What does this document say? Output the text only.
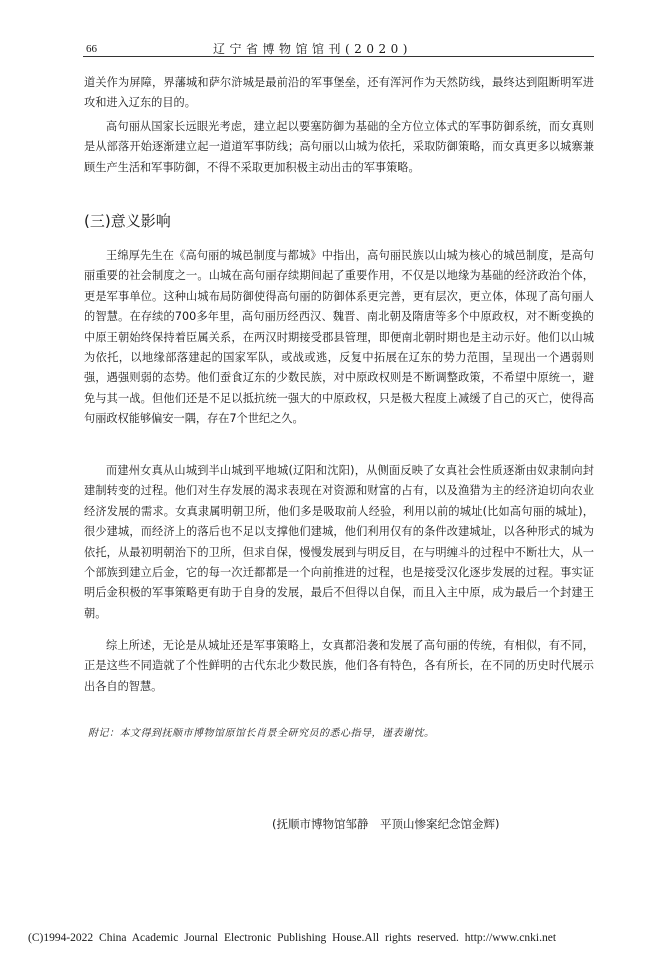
66	辽宁省博物馆馆刊(2020)

道关作为屏障，界藩城和萨尔浒城是最前沿的军事堡垒，还有浑河作为天然防线，最终达到阻断明军进攻和进入辽东的目的。

高句丽从国家长远眼光考虑，建立起以要塞防御为基础的全方位立体式的军事防御系统，而女真则是从部落开始逐渐建立起一道道军事防线；高句丽以山城为依托，采取防御策略，而女真更多以城寨兼顾生产生活和军事防御，不得不采取更加积极主动出击的军事策略。

(三)意义影响

王绵厚先生在《高句丽的城邑制度与都城》中指出，高句丽民族以山城为核心的城邑制度，是高句丽重要的社会制度之一。山城在高句丽存续期间起了重要作用，不仅是以地缘为基础的经济政治个体，更是军事单位。这种山城布局防御使得高句丽的防御体系更完善，更有层次，更立体，体现了高句丽人的智慧。在存续的700多年里，高句丽历经西汉、魏晋、南北朝及隋唐等多个中原政权，对不断变换的中原王朝始终保持着臣属关系，在两汉时期接受郡县管理，即便南北朝时期也是主动示好。他们以山城为依托，以地缘部落建起的国家军队，或战或逃，反复中拓展在辽东的势力范围，呈现出一个遇弱则强，遇强则弱的态势。他们蚕食辽东的少数民族，对中原政权则是不断调整政策，不希望中原统一，避免与其一战。但他们还是不足以抵抗统一强大的中原政权，只是极大程度上减缓了自己的灭亡，使得高句丽政权能够偏安一隅，存在7个世纪之久。

而建州女真从山城到半山城到平地城(辽阳和沈阳)，从侧面反映了女真社会性质逐渐由奴隶制向封建制转变的过程。他们对生存发展的渴求表现在对资源和财富的占有，以及渔猎为主的经济迫切向农业经济发展的需求。女真隶属明朝卫所，他们多是吸取前人经验，利用以前的城址(比如高句丽的城址)，很少建城，而经济上的落后也不足以支撑他们建城，他们利用仅有的条件改建城址，以各种形式的城为依托，从最初明朝治下的卫所，但求自保，慢慢发展到与明反目，在与明缠斗的过程中不断壮大，从一个部族到建立后金，它的每一次迁都都是一个向前推进的过程，也是接受汉化逐步发展的过程。事实证明后金积极的军事策略更有助于自身的发展，最后不但得以自保，而且入主中原，成为最后一个封建王朝。

综上所述，无论是从城址还是军事策略上，女真都沿袭和发展了高句丽的传统，有相似，有不同，正是这些不同造就了个性鲜明的古代东北少数民族，他们各有特色，各有所长，在不同的历史时代展示出各自的智慧。

附记：本文得到抚顺市博物馆原馆长肖景全研究员的悉心指导，谨表谢忱。
(抚顺市博物馆邹静　平顶山惨案纪念馆金辉)
(C)1994-2022 China Academic Journal Electronic Publishing House.All rights reserved. http://www.cnki.net
